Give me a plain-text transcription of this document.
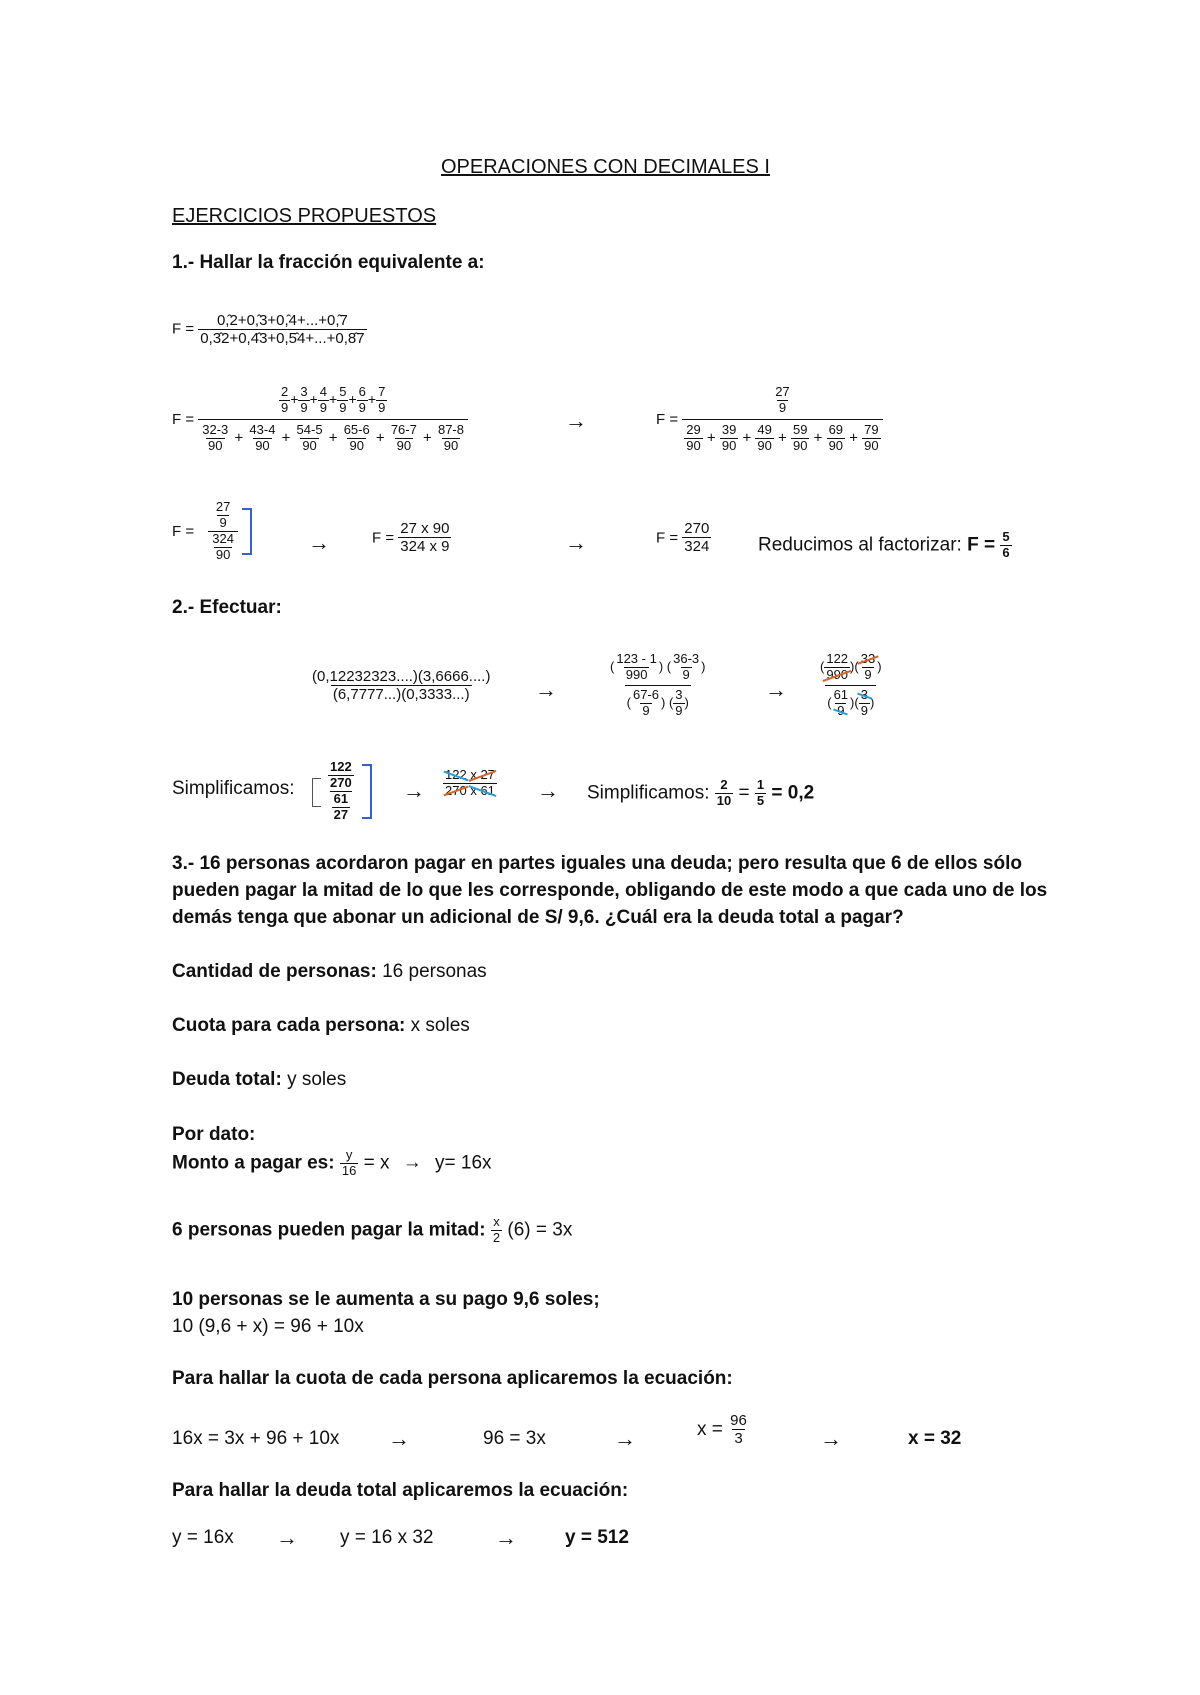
OPERACIONES CON DECIMALES I
EJERCICIOS PROPUESTOS
1.- Hallar la fracción equivalente a:
$F = \frac{0,̂2+0,̂3+0,̂4+...+0,̂7}{0,3̂2+0,4̂3+0,5̂4+...+0,8̂7}$
F =
$\frac{2}{9} + \frac{3}{9} + \frac{4}{9} + \frac{5}{9} + \frac{6}{9} + \frac{7}{9}$
$\frac{32-3}{90} + \frac{43-4}{90} + \frac{54-5}{90} + \frac{65-6}{90} + \frac{76-7}{90} + \frac{87-8}{90}$
→	F =
$\frac{27}{9}$
$\frac{29}{90} + \frac{39}{90} + \frac{49}{90} + \frac{59}{90} + \frac{69}{90} + \frac{79}{90}$
$F = \frac{\frac{27}{9}}{\frac{324}{90}}$	→	$F = \frac{27 x 90}{324 x 9}$	→	$F = \frac{270}{324}$ Reducimos al factorizar: $F = \frac{5}{6}$
2.- Efectuar:
$\frac{(0,12232323....)(3,6666....)}{(6,7777...)(0,3333...)}$ →	$\frac{( \frac{123 - 1}{990} ) ( \frac{36-3}{9} )}{( \frac{67-6}{9} ) ( \frac{3}{9} )}$	→ $\frac{( \frac{122}{990} )( \frac{33}{9} )}{( \frac{61}{9} )( \frac{3}{9} )}$
Simplificamos: $\frac{\frac{122}{270}}{\frac{61}{27}} \to \frac{122 x 27}{270 x 61}$ → Simplificamos: $\frac{2}{10} = \frac{1}{5} = 0,2$
3.- 16 personas acordaron pagar en partes iguales una deuda; pero resulta que 6 de ellos sólo
pueden pagar la mitad de lo que les corresponde, obligando de este modo a que cada uno de los
demás tenga que abonar un adicional de S/ 9,6. ¿Cuál era la deuda total a pagar?
Cantidad de personas: 16 personas
Cuota para cada persona: x soles
Deuda total: y soles
Por dato:
Monto a pagar es: $\frac{y}{16} = x \to y= 16x$
6 personas pueden pagar la mitad: $\frac{x}{2} (6) = 3x$
10 personas se le aumenta a su pago 9,6 soles;
10 (9,6 + x) = 96 + 10x
Para hallar la cuota de cada persona aplicaremos la ecuación:
16x = 3x + 96 + 10x →	96 = 3x	→	$x = \frac{96}{3}$	→	x = 32
Para hallar la deuda total aplicaremos la ecuación:
y = 16x → y = 16 x 32	→	y = 512
